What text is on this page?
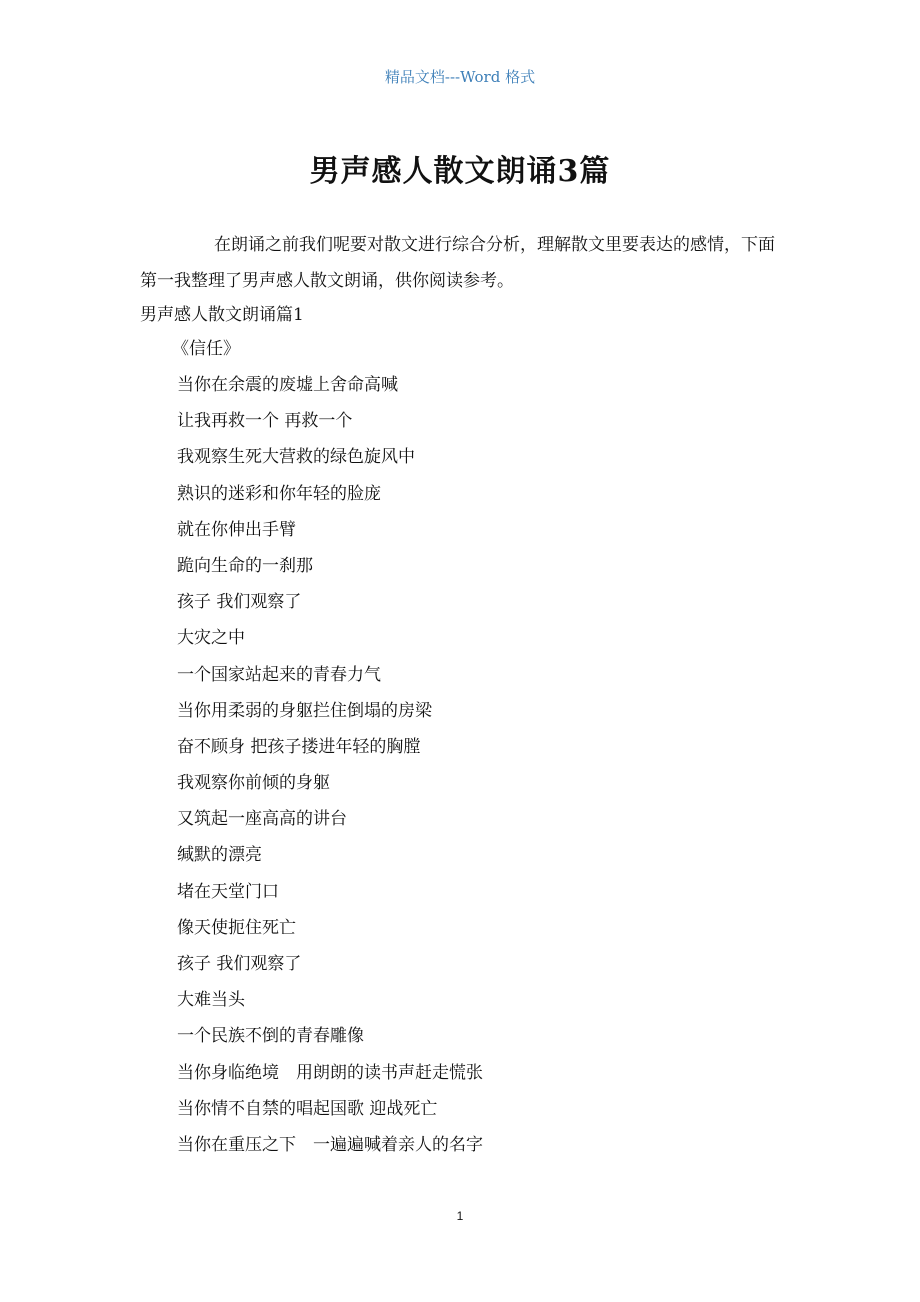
精品文档---Word 格式
男声感人散文朗诵3篇

在朗诵之前我们呢要对散文进行综合分析，理解散文里要表达的感情，下面第一我整理了男声感人散文朗诵，供你阅读参考。

男声感人散文朗诵篇1
《信任》
当你在余震的废墟上舍命高喊
让我再救一个 再救一个
我观察生死大营救的绿色旋风中
熟识的迷彩和你年轻的脸庞
就在你伸出手臂
跪向生命的一刹那
孩子 我们观察了
大灾之中
一个国家站起来的青春力气
当你用柔弱的身躯拦住倒塌的房梁
奋不顾身 把孩子搂进年轻的胸膛
我观察你前倾的身躯
又筑起一座高高的讲台
缄默的漂亮
堵在天堂门口
像天使扼住死亡
孩子 我们观察了
大难当头
一个民族不倒的青春雕像
当你身临绝境　用朗朗的读书声赶走慌张
当你情不自禁的唱起国歌 迎战死亡
当你在重压之下　一遍遍喊着亲人的名字
1
